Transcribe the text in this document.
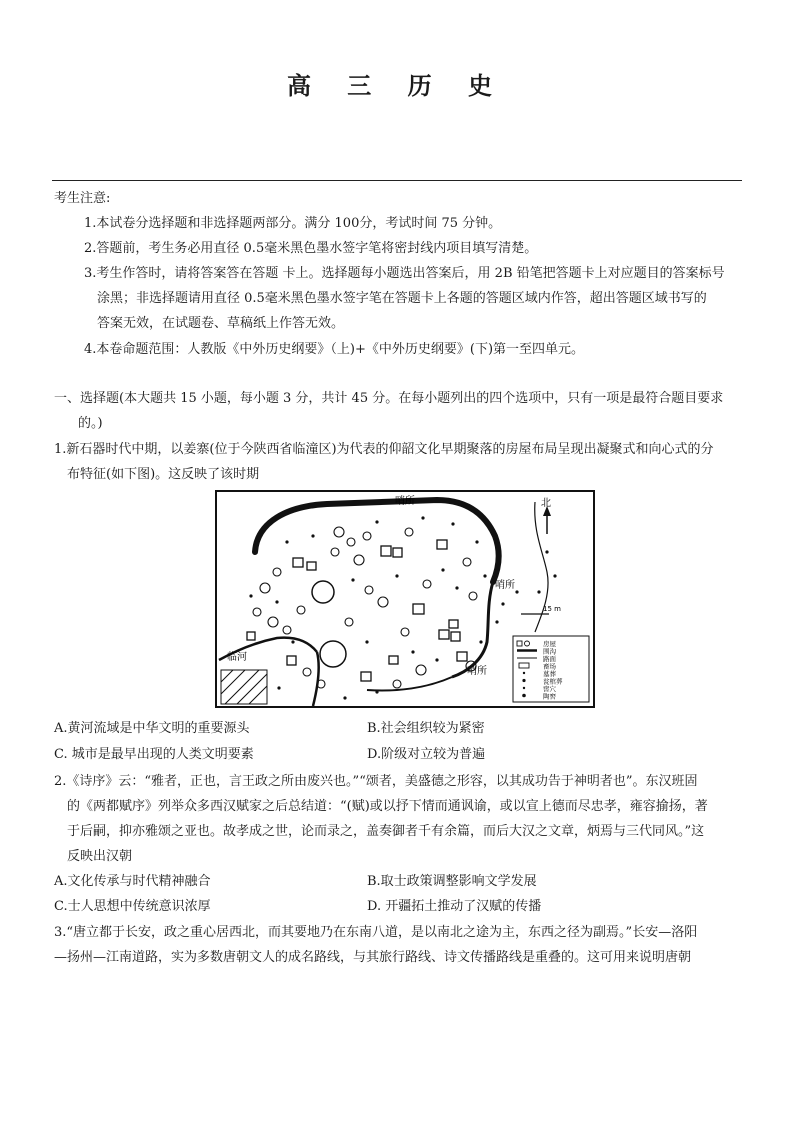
高 三 历 史
考生注意:
1.本试卷分选择题和非选择题两部分。满分 100分，考试时间 75 分钟。
2.答题前，考生务必用直径 0.5毫米黑色墨水签字笔将密封线内项目填写清楚。
3.考生作答时，请将答案答在答题 卡上。选择题每小题选出答案后，用 2B 铅笔把答题卡上对应题目的答案标号
涂黑；非选择题请用直径 0.5毫米黑色墨水签字笔在答题卡上各题的答题区域内作答，超出答题区域书写的
答案无效，在试题卷、草稿纸上作答无效。
4.本卷命题范围：人教版《中外历史纲要》（上)+《中外历史纲要》(下)第一至四单元。
一、选择题(本大题共 15 小题，每小题 3 分，共计 45 分。在每小题列出的四个选项中，只有一项是最符合题目要求
的。)
1.新石器时代中期，以姜寨(位于今陕西省临潼区)为代表的仰韶文化早期聚落的房屋布局呈现出凝聚式和向心式的分
布特征(如下图)。这反映了该时期
北
15 m
哨所
哨所
哨所
临河
房屋
围沟
路面
畜场
墓葬
瓮棺葬
窖穴
陶窖
A.黄河流域是中华文明的重要源头	B.社会组织较为紧密
C. 城市是最早出现的人类文明要素	D.阶级对立较为普遍
2.《诗序》云：“雅者，正也，言王政之所由废兴也。”“颂者，美盛德之形容，以其成功告于神明者也”。东汉班固
的《两都赋序》列举众多西汉赋家之后总结道：“(赋)或以抒下情而通讽谕，或以宣上德而尽忠孝，雍容揄扬，著
于后嗣，抑亦雅颂之亚也。故孝成之世，论而录之，盖奏御者千有余篇，而后大汉之文章，炳焉与三代同风。”这
反映出汉朝
A.文化传承与时代精神融合	B.取士政策调整影响文学发展
C.士人思想中传统意识浓厚	D. 开疆拓土推动了汉赋的传播
3.“唐立都于长安，政之重心居西北，而其要地乃在东南八道，是以南北之途为主，东西之径为副焉。”长安—洛阳
—扬州—江南道路，实为多数唐朝文人的成名路线，与其旅行路线、诗文传播路线是重叠的。这可用来说明唐朝
